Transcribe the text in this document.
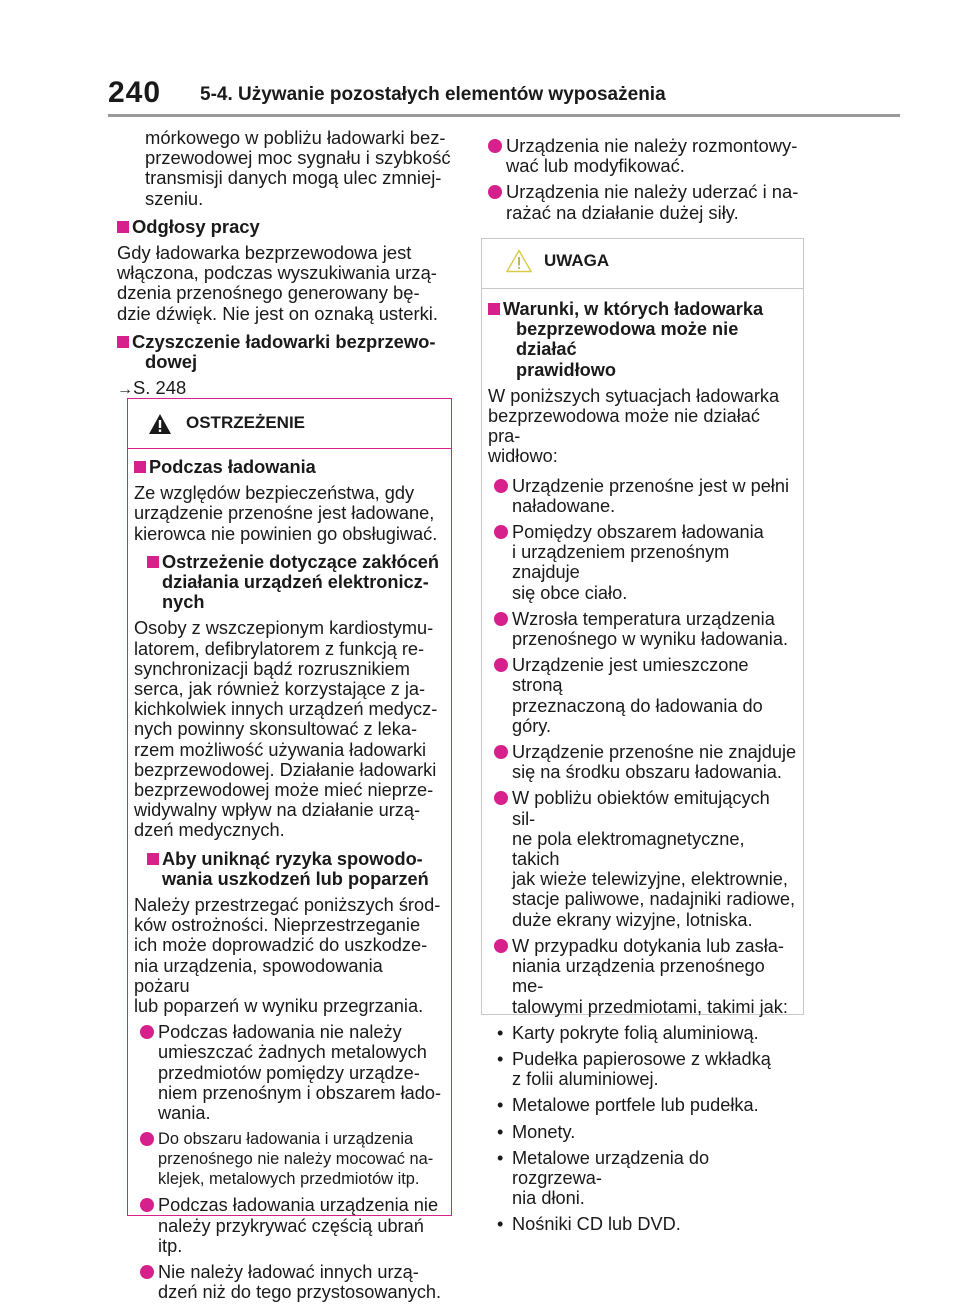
240 5-4. Używanie pozostałych elementów wyposażenia

mórkowego w pobliżu ładowarki bez-

przewodowej moc sygnału i szybkość

transmisji danych mogą ulec zmniej-

szeniu.

Odgłosy pracy

Gdy ładowarka bezprzewodowa jest

włączona, podczas wyszukiwania urzą-

dzenia przenośnego generowany bę-

dzie dźwięk. Nie jest on oznaką usterki.

Czyszczenie ładowarki bezprzewo-

dowej

→S. 248
OSTRZEŻENIE
Podczas ładowania

Ze względów bezpieczeństwa, gdy

urządzenie przenośne jest ładowane,

kierowca nie powinien go obsługiwać.

Ostrzeżenie dotyczące zakłóceń

działania urządzeń elektronicz-

nych

Osoby z wszczepionym kardiostymu-

latorem, defibrylatorem z funkcją re-

synchronizacji bądź rozrusznikiem

serca, jak również korzystające z ja-

kichkolwiek innych urządzeń medycz-

nych powinny skonsultować z leka-

rzem możliwość używania ładowarki

bezprzewodowej. Działanie ładowarki

bezprzewodowej może mieć nieprze-

widywalny wpływ na działanie urzą-

dzeń medycznych.

Aby uniknąć ryzyka spowodo-

wania uszkodzeń lub poparzeń

Należy przestrzegać poniższych środ-

ków ostrożności. Nieprzestrzeganie

ich może doprowadzić do uszkodze-

nia urządzenia, spowodowania pożaru

lub poparzeń w wyniku przegrzania.

Podczas ładowania nie należy

umieszczać żadnych metalowych

przedmiotów pomiędzy urządze-

niem przenośnym i obszarem łado-

wania.

Do obszaru ładowania i urządzenia

przenośnego nie należy mocować na-

klejek, metalowych przedmiotów itp.

Podczas ładowania urządzenia nie

należy przykrywać częścią ubrań itp.

Nie należy ładować innych urzą-

dzeń niż do tego przystosowanych.

Urządzenia nie należy rozmontowy-

wać lub modyfikować.

Urządzenia nie należy uderzać i na-

rażać na działanie dużej siły.

UWAGA

Warunki, w których ładowarka

bezprzewodowa może nie działać

prawidłowo

W poniższych sytuacjach ładowarka

bezprzewodowa może nie działać pra-

widłowo:

Urządzenie przenośne jest w pełni

naładowane.

Pomiędzy obszarem ładowania

i urządzeniem przenośnym znajduje

się obce ciało.

Wzrosła temperatura urządzenia

przenośnego w wyniku ładowania.

Urządzenie jest umieszczone stroną

przeznaczoną do ładowania do góry.

Urządzenie przenośne nie znajduje

się na środku obszaru ładowania.

W pobliżu obiektów emitujących sil-

ne pola elektromagnetyczne, takich

jak wieże telewizyjne, elektrownie,

stacje paliwowe, nadajniki radiowe,

duże ekrany wizyjne, lotniska.

W przypadku dotykania lub zasła-

niania urządzenia przenośnego me-

talowymi przedmiotami, takimi jak:

• Karty pokryte folią aluminiową.

• Pudełka papierosowe z wkładką

z folii aluminiowej.

• Metalowe portfele lub pudełka.

• Monety.

• Metalowe urządzenia do rozgrzewa-

nia dłoni.

• Nośniki CD lub DVD.
